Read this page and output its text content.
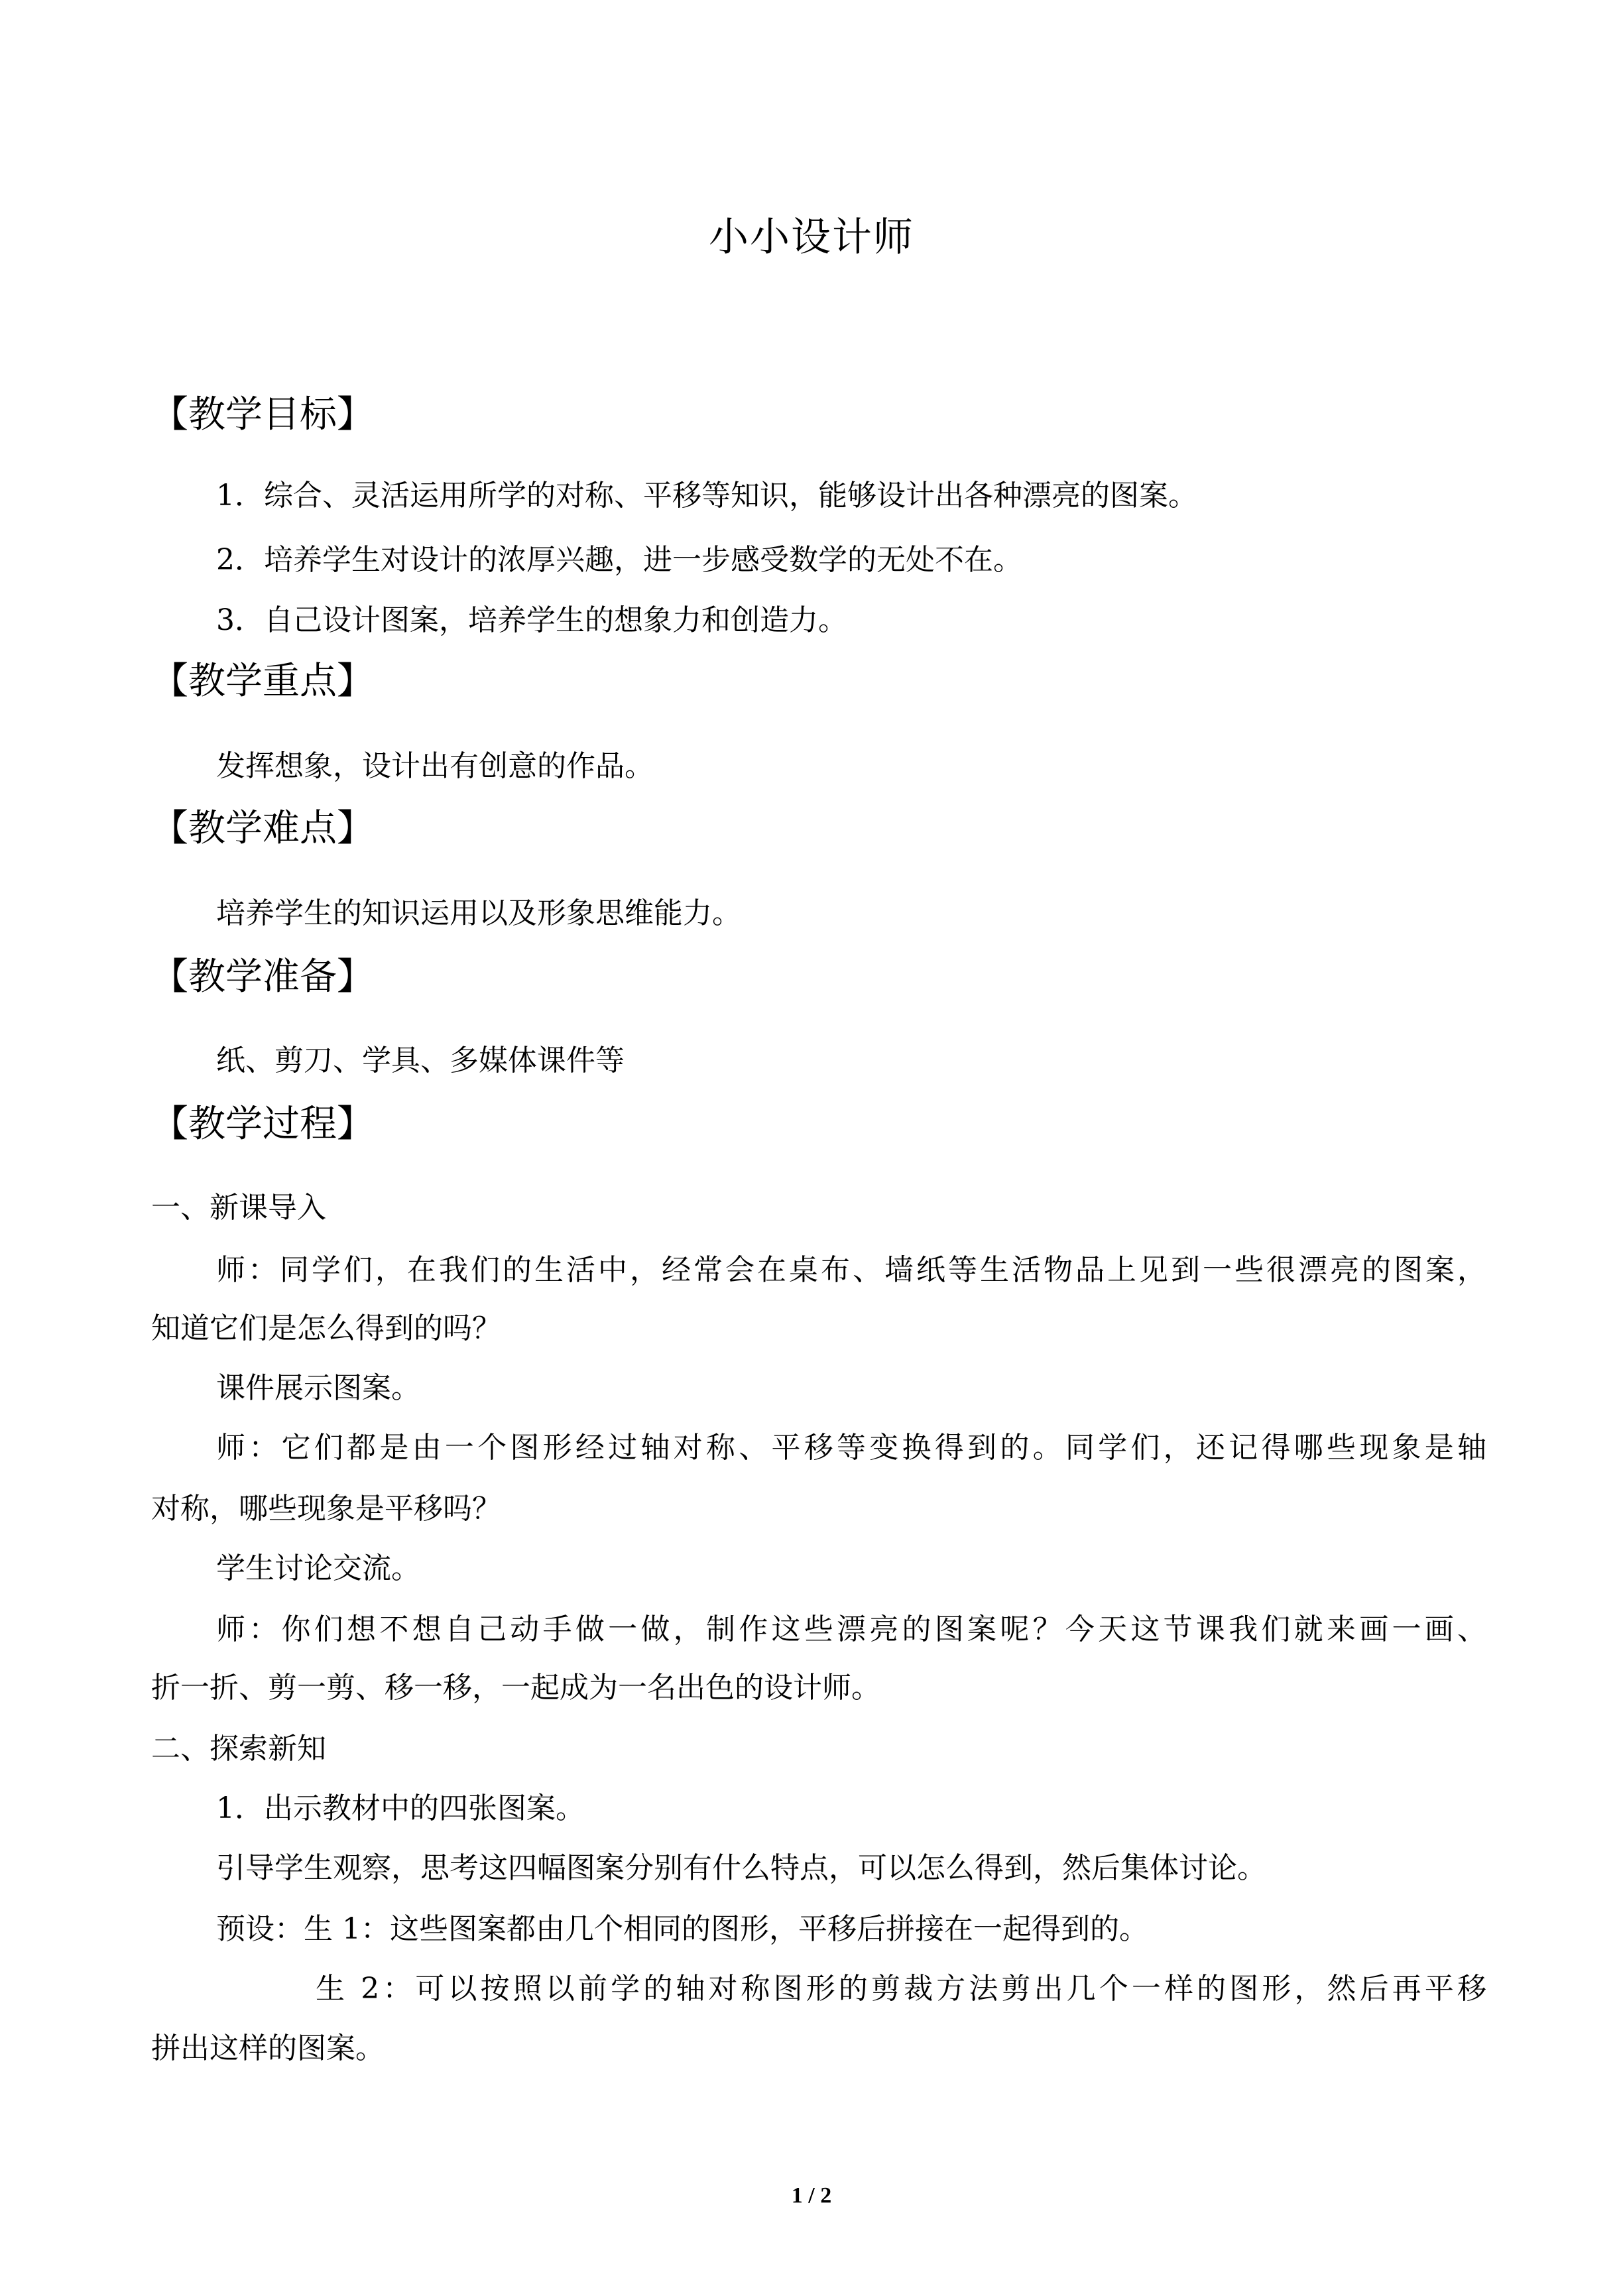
小小设计师
【教学目标】
1．综合、灵活运用所学的对称、平移等知识，能够设计出各种漂亮的图案。
2．培养学生对设计的浓厚兴趣，进一步感受数学的无处不在。
3．自己设计图案，培养学生的想象力和创造力。
【教学重点】
发挥想象，设计出有创意的作品。
【教学难点】
培养学生的知识运用以及形象思维能力。
【教学准备】
纸、剪刀、学具、多媒体课件等
【教学过程】
一、新课导入
师：同学们，在我们的生活中，经常会在桌布、墙纸等生活物品上见到一些很漂亮的图案，
知道它们是怎么得到的吗？
课件展示图案。
师：它们都是由一个图形经过轴对称、平移等变换得到的。同学们，还记得哪些现象是轴
对称，哪些现象是平移吗？
学生讨论交流。
师：你们想不想自己动手做一做，制作这些漂亮的图案呢？今天这节课我们就来画一画、
折一折、剪一剪、移一移，一起成为一名出色的设计师。
二、探索新知
1．出示教材中的四张图案。
引导学生观察，思考这四幅图案分别有什么特点，可以怎么得到，然后集体讨论。
预设：生 1：这些图案都由几个相同的图形，平移后拼接在一起得到的。
生 2：可以按照以前学的轴对称图形的剪裁方法剪出几个一样的图形，然后再平移
拼出这样的图案。
1 / 2
